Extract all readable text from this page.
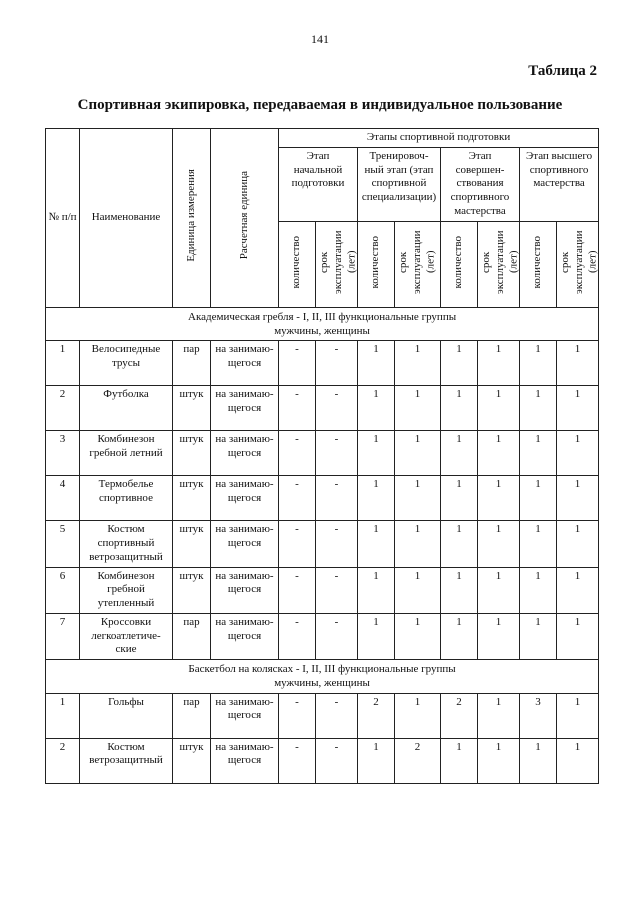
141
Таблица 2
Спортивная экипировка, передаваемая в индивидуальное пользование
№ п/п	Наименование	Единица измерения	Расчетная единица	Этапы спортивной подготовки							
				Этап начальной подготовки		Тренировоч-ный этап (этап спортивной специализации)		Этап совершен-ствования спортивного мастерства		Этап высшего спортивного мастерства	
				количество	срок эксплуатации (лет)	количество	срок эксплуатации (лет)	количество	срок эксплуатации (лет)	количество	срок эксплуатации (лет)

Академическая гребля - I, II, III функциональные группы
мужчины, женщины											

1	Велосипедные трусы	пар	на занимаю-щегося	-	-	1	1	1	1	1	1
2	Футболка	штук	на занимаю-щегося	-	-	1	1	1	1	1	1
3	Комбинезон гребной летний	штук	на занимаю-щегося	-	-	1	1	1	1	1	1
4	Термобелье спортивное	штук	на занимаю-щегося	-	-	1	1	1	1	1	1
5	Костюм спортивный ветрозащитный	штук	на занимаю-щегося	-	-	1	1	1	1	1	1
6	Комбинезон гребной утепленный	штук	на занимаю-щегося	-	-	1	1	1	1	1	1
7	Кроссовки легкоатлетиче-ские	пар	на занимаю-щегося	-	-	1	1	1	1	1	1

Баскетбол на колясках - I, II, III функциональные группы
мужчины, женщины											

1	Гольфы	пар	на занимаю-щегося	-	-	2	1	2	1	3	1
2	Костюм ветрозащитный	штук	на занимаю-щегося	-	-	1	2	1	1	1	1
